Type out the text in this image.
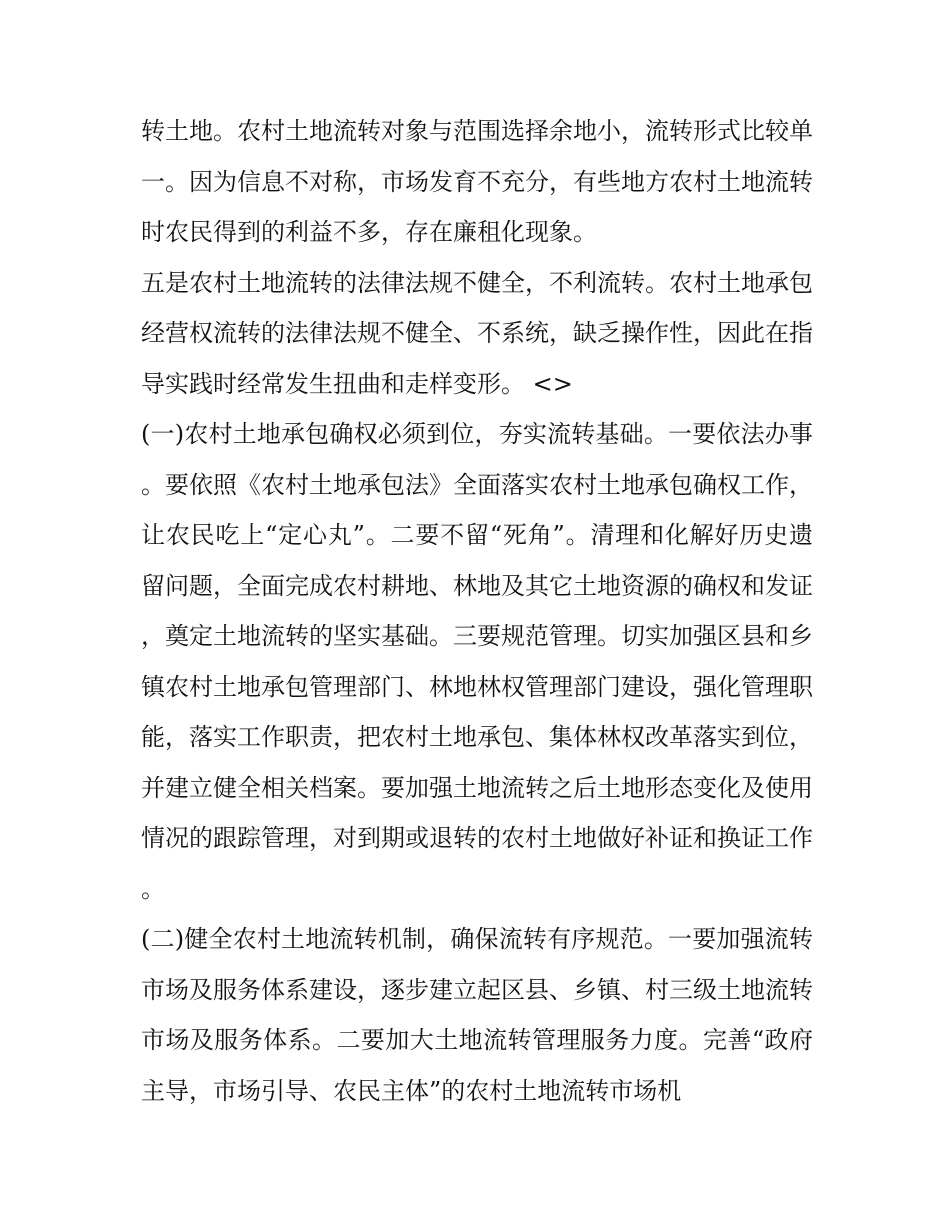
转土地。农村土地流转对象与范围选择余地小，流转形式比较单一。因为信息不对称，市场发育不充分，有些地方农村土地流转时农民得到的利益不多，存在廉租化现象。

五是农村土地流转的法律法规不健全，不利流转。农村土地承包经营权流转的法律法规不健全、不系统，缺乏操作性，因此在指导实践时经常发生扭曲和走样变形。 <>

(一)农村土地承包确权必须到位，夯实流转基础。一要依法办事。要依照《农村土地承包法》全面落实农村土地承包确权工作，让农民吃上“定心丸”。二要不留“死角”。清理和化解好历史遗留问题，全面完成农村耕地、林地及其它土地资源的确权和发证，奠定土地流转的坚实基础。三要规范管理。切实加强区县和乡镇农村土地承包管理部门、林地林权管理部门建设，强化管理职能，落实工作职责，把农村土地承包、集体林权改革落实到位，并建立健全相关档案。要加强土地流转之后土地形态变化及使用情况的跟踪管理，对到期或退转的农村土地做好补证和换证工作。

(二)健全农村土地流转机制，确保流转有序规范。一要加强流转市场及服务体系建设，逐步建立起区县、乡镇、村三级土地流转市场及服务体系。二要加大土地流转管理服务力度。完善“政府主导，市场引导、农民主体”的农村土地流转市场机
